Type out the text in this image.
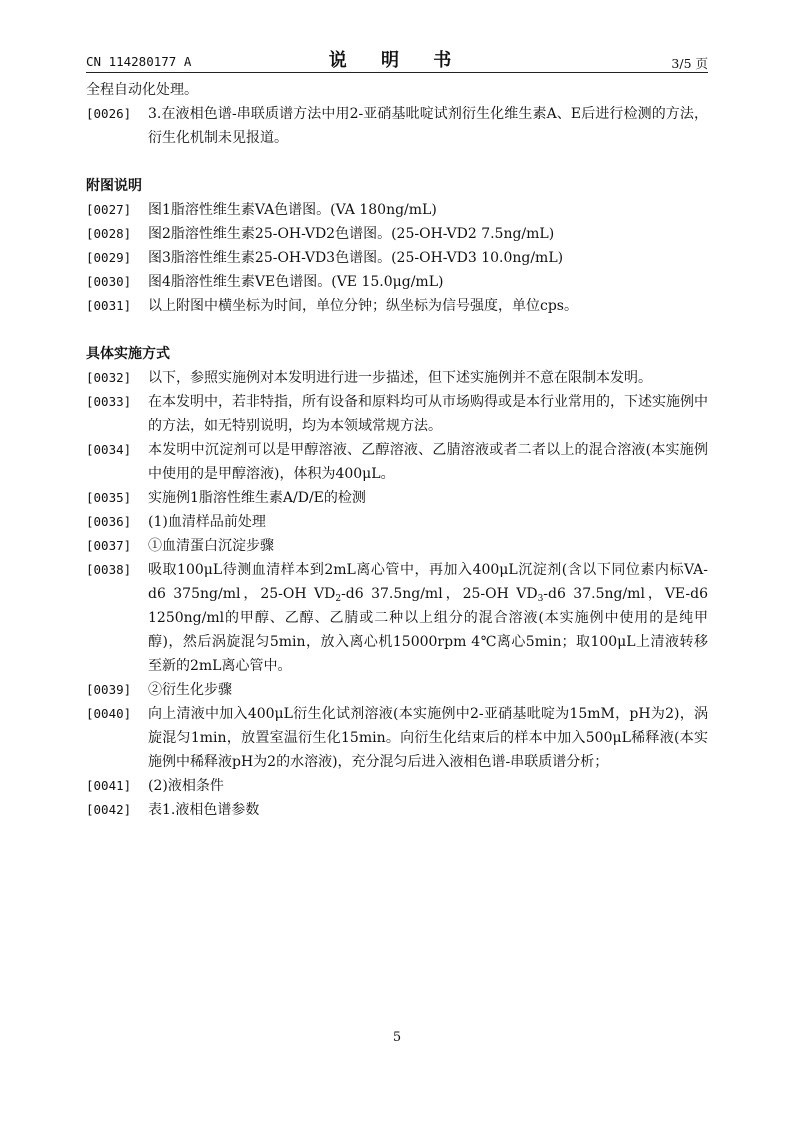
CN 114280177 A	说 明 书	3/5 页
全程自动化处理。
[0026]	3.在液相色谱-串联质谱方法中用2-亚硝基吡啶试剂衍生化维生素A、E后进行检测的方法，衍生化机制未见报道。
附图说明
[0027]	图1脂溶性维生素VA色谱图。(VA 180ng/mL)
[0028]	图2脂溶性维生素25-OH-VD2色谱图。(25-OH-VD2 7.5ng/mL)
[0029]	图3脂溶性维生素25-OH-VD3色谱图。(25-OH-VD3 10.0ng/mL)
[0030]	图4脂溶性维生素VE色谱图。(VE 15.0μg/mL)
[0031]	以上附图中横坐标为时间，单位分钟；纵坐标为信号强度，单位cps。
具体实施方式
[0032]	以下，参照实施例对本发明进行进一步描述，但下述实施例并不意在限制本发明。
[0033]	在本发明中，若非特指，所有设备和原料均可从市场购得或是本行业常用的，下述实施例中的方法，如无特别说明，均为本领域常规方法。
[0034]	本发明中沉淀剂可以是甲醇溶液、乙醇溶液、乙腈溶液或者二者以上的混合溶液(本实施例中使用的是甲醇溶液)，体积为400μL。
[0035]	实施例1脂溶性维生素A/D/E的检测
[0036]	(1)血清样品前处理
[0037]	①血清蛋白沉淀步骤
[0038]	吸取100μL待测血清样本到2mL离心管中，再加入400μL沉淀剂(含以下同位素内标VA-d6 375ng/ml，25-OH $VD_2-d6$ 37.5ng/ml，25-OH $VD_3-d6$ 37.5ng/ml，VE-d6 1250ng/ml的甲醇、乙醇、乙腈或二种以上组分的混合溶液(本实施例中使用的是纯甲醇)，然后涡旋混匀5min，放入离心机15000rpm 4℃离心5min；取100μL上清液转移至新的2mL离心管中。
[0039]	②衍生化步骤
[0040]	向上清液中加入400μL衍生化试剂溶液(本实施例中2-亚硝基吡啶为15mM，pH为2)，涡旋混匀1min，放置室温衍生化15min。向衍生化结束后的样本中加入500μL稀释液(本实施例中稀释液pH为2的水溶液)，充分混匀后进入液相色谱-串联质谱分析；
[0041]	(2)液相条件
[0042]	表1.液相色谱参数
5
